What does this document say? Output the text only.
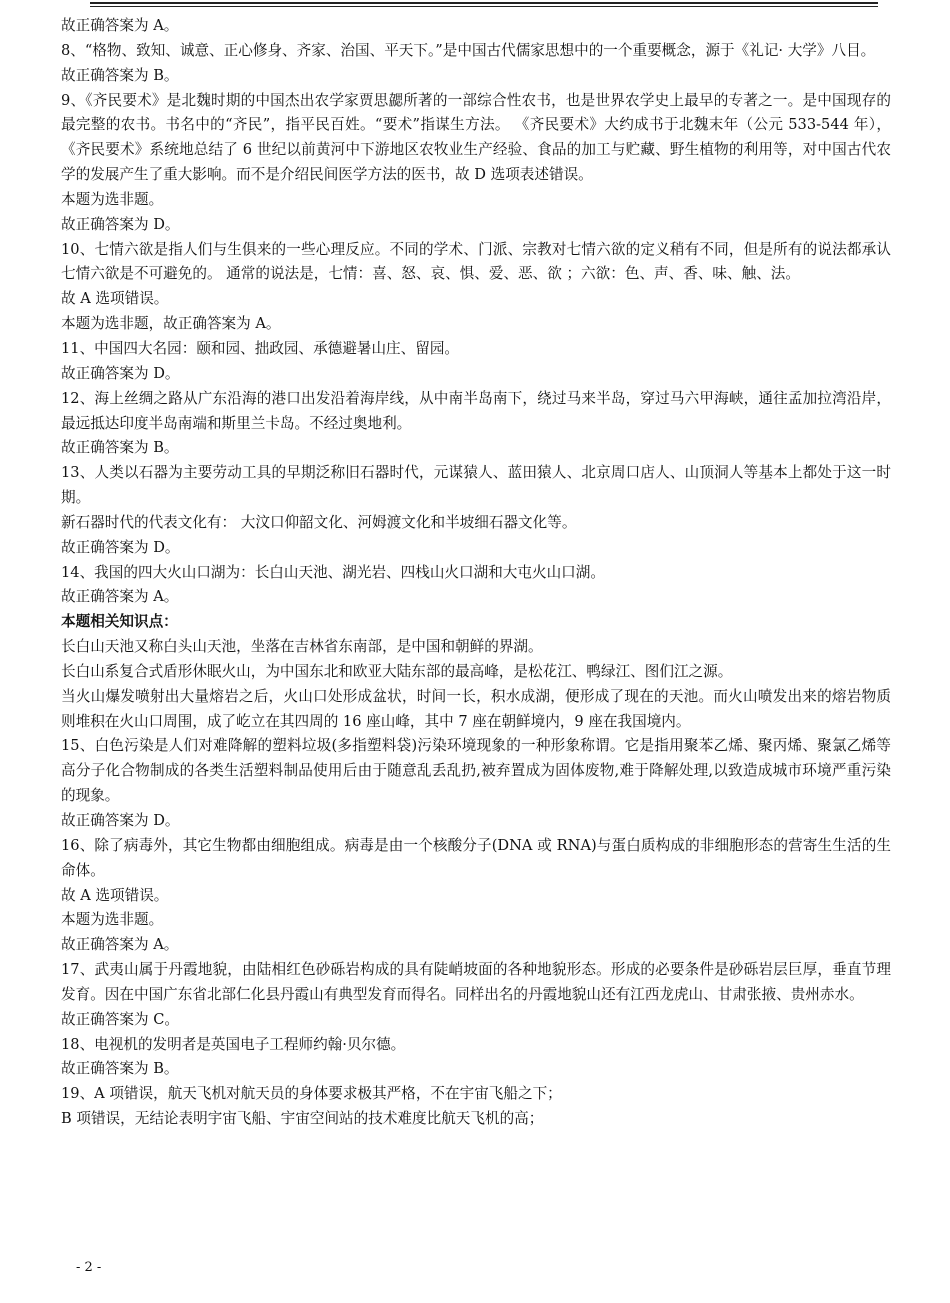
故正确答案为 A。

8、“格物、致知、诚意、正心修身、齐家、治国、平天下。”是中国古代儒家思想中的一个重要概念，源于《礼记· 大学》八目。

故正确答案为 B。

9、《齐民要术》是北魏时期的中国杰出农学家贾思勰所著的一部综合性农书，也是世界农学史上最早的专著之一。是中国现存的最完整的农书。书名中的“齐民”，指平民百姓。“要术”指谋生方法。 《齐民要术》大约成书于北魏末年（公元 533-544 年），《齐民要术》系统地总结了 6 世纪以前黄河中下游地区农牧业生产经验、食品的加工与贮藏、野生植物的利用等，对中国古代农学的发展产生了重大影响。而不是介绍民间医学方法的医书，故 D 选项表述错误。

本题为选非题。

故正确答案为 D。

10、七情六欲是指人们与生俱来的一些心理反应。不同的学术、门派、宗教对七情六欲的定义稍有不同，但是所有的说法都承认七情六欲是不可避免的。 通常的说法是，七情：喜、怒、哀、惧、爱、恶、欲 ；六欲：色、声、香、味、触、法。

故 A 选项错误。

本题为选非题，故正确答案为 A。

11、中国四大名园：颐和园、拙政园、承德避暑山庄、留园。

故正确答案为 D。

12、海上丝绸之路从广东沿海的港口出发沿着海岸线，从中南半岛南下，绕过马来半岛，穿过马六甲海峡，通往孟加拉湾沿岸，最远抵达印度半岛南端和斯里兰卡岛。不经过奥地利。

故正确答案为 B。

13、人类以石器为主要劳动工具的早期泛称旧石器时代，元谋猿人、蓝田猿人、北京周口店人、山顶洞人等基本上都处于这一时期。

新石器时代的代表文化有： 大汶口仰韶文化、河姆渡文化和半坡细石器文化等。

故正确答案为 D。

14、我国的四大火山口湖为：长白山天池、湖光岩、四栈山火口湖和大屯火山口湖。

故正确答案为 A。

本题相关知识点：

长白山天池又称白头山天池，坐落在吉林省东南部，是中国和朝鲜的界湖。

长白山系复合式盾形休眠火山，为中国东北和欧亚大陆东部的最高峰，是松花江、鸭绿江、图们江之源。

当火山爆发喷射出大量熔岩之后，火山口处形成盆状，时间一长，积水成湖，便形成了现在的天池。而火山喷发出来的熔岩物质则堆积在火山口周围，成了屹立在其四周的 16 座山峰，其中 7 座在朝鲜境内，9 座在我国境内。

15、白色污染是人们对难降解的塑料垃圾(多指塑料袋)污染环境现象的一种形象称谓。它是指用聚苯乙烯、聚丙烯、聚氯乙烯等高分子化合物制成的各类生活塑料制品使用后由于随意乱丢乱扔,被弃置成为固体废物,难于降解处理,以致造成城市环境严重污染的现象。

故正确答案为 D。

16、除了病毒外，其它生物都由细胞组成。病毒是由一个核酸分子(DNA 或 RNA)与蛋白质构成的非细胞形态的营寄生生活的生命体。

故 A 选项错误。

本题为选非题。

故正确答案为 A。

17、武夷山属于丹霞地貌，由陆相红色砂砾岩构成的具有陡峭坡面的各种地貌形态。形成的必要条件是砂砾岩层巨厚，垂直节理发育。因在中国广东省北部仁化县丹霞山有典型发育而得名。同样出名的丹霞地貌山还有江西龙虎山、甘肃张掖、贵州赤水。

故正确答案为 C。

18、电视机的发明者是英国电子工程师约翰·贝尔德。

故正确答案为 B。

19、A 项错误，航天飞机对航天员的身体要求极其严格，不在宇宙飞船之下；

B 项错误，无结论表明宇宙飞船、宇宙空间站的技术难度比航天飞机的高；

- 2 -
